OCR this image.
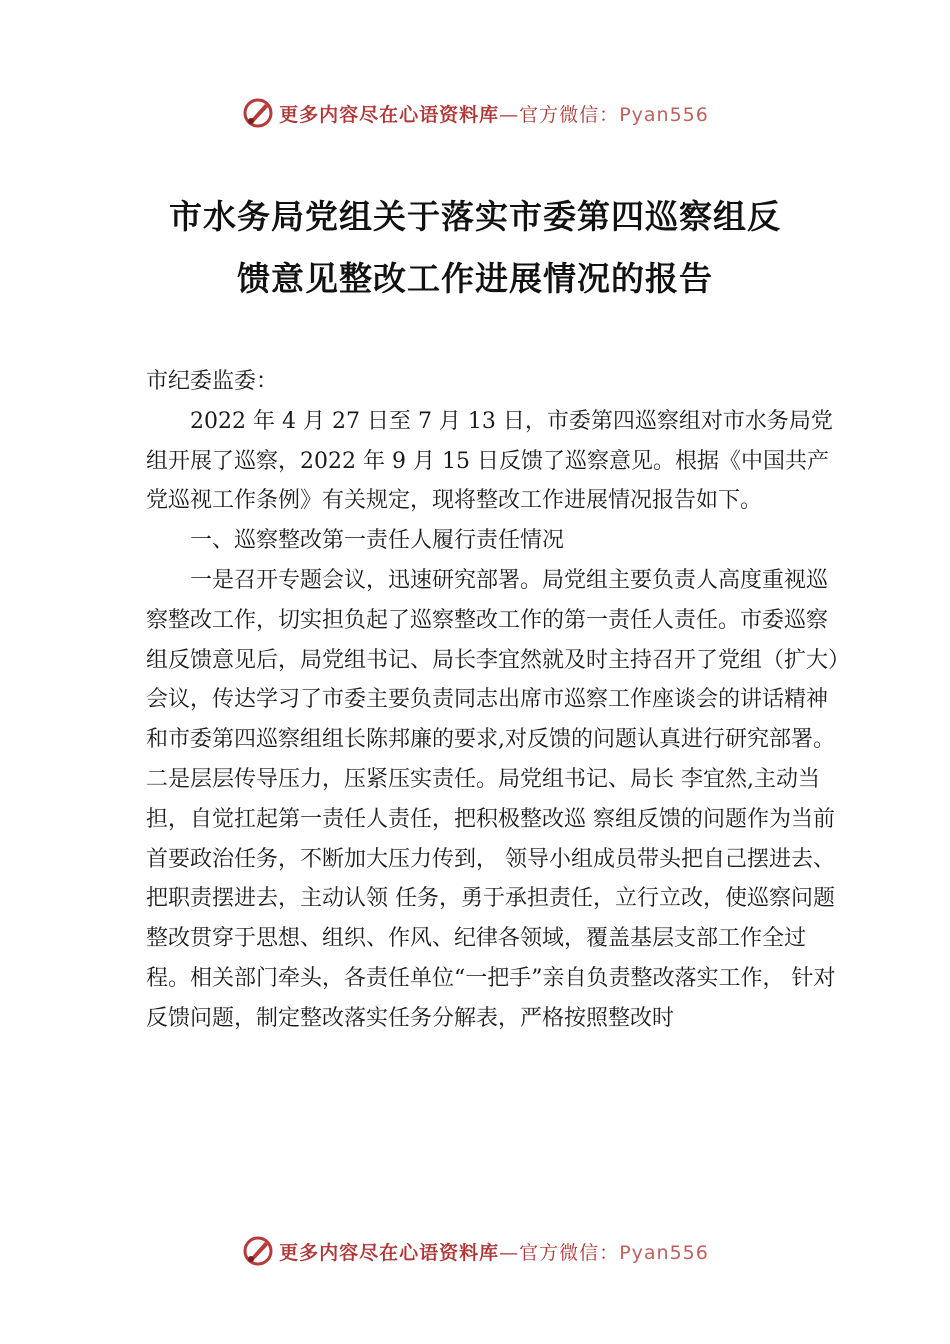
更多内容尽在心语资料库—官方微信：Pyan556
市水务局党组关于落实市委第四巡察组反
馈意见整改工作进展情况的报告

市纪委监委：

2022 年 4 月 27 日至 7 月 13 日，市委第四巡察组对市水务局党组开展了巡察，2022 年 9 月 15 日反馈了巡察意见。根据《中国共产党巡视工作条例》有关规定，现将整改工作进展情况报告如下。

一、巡察整改第一责任人履行责任情况

一是召开专题会议，迅速研究部署。局党组主要负责人高度重视巡察整改工作，切实担负起了巡察整改工作的第一责任人责任。市委巡察组反馈意见后，局党组书记、局长李宜然就及时主持召开了党组（扩大）会议，传达学习了市委主要负责同志出席市巡察工作座谈会的讲话精神和市委第四巡察组组长陈邦廉的要求,对反馈的问题认真进行研究部署。二是层层传导压力，压紧压实责任。局党组书记、局长 李宜然,主动当担，自觉扛起第一责任人责任，把积极整改巡 察组反馈的问题作为当前首要政治任务，不断加大压力传到， 领导小组成员带头把自己摆进去、把职责摆进去，主动认领 任务，勇于承担责任，立行立改，使巡察问题整改贯穿于思想、组织、作风、纪律各领域，覆盖基层支部工作全过程。相关部门牵头，各责任单位“一把手”亲自负责整改落实工作， 针对反馈问题，制定整改落实任务分解表，严格按照整改时

更多内容尽在心语资料库—官方微信：Pyan556
